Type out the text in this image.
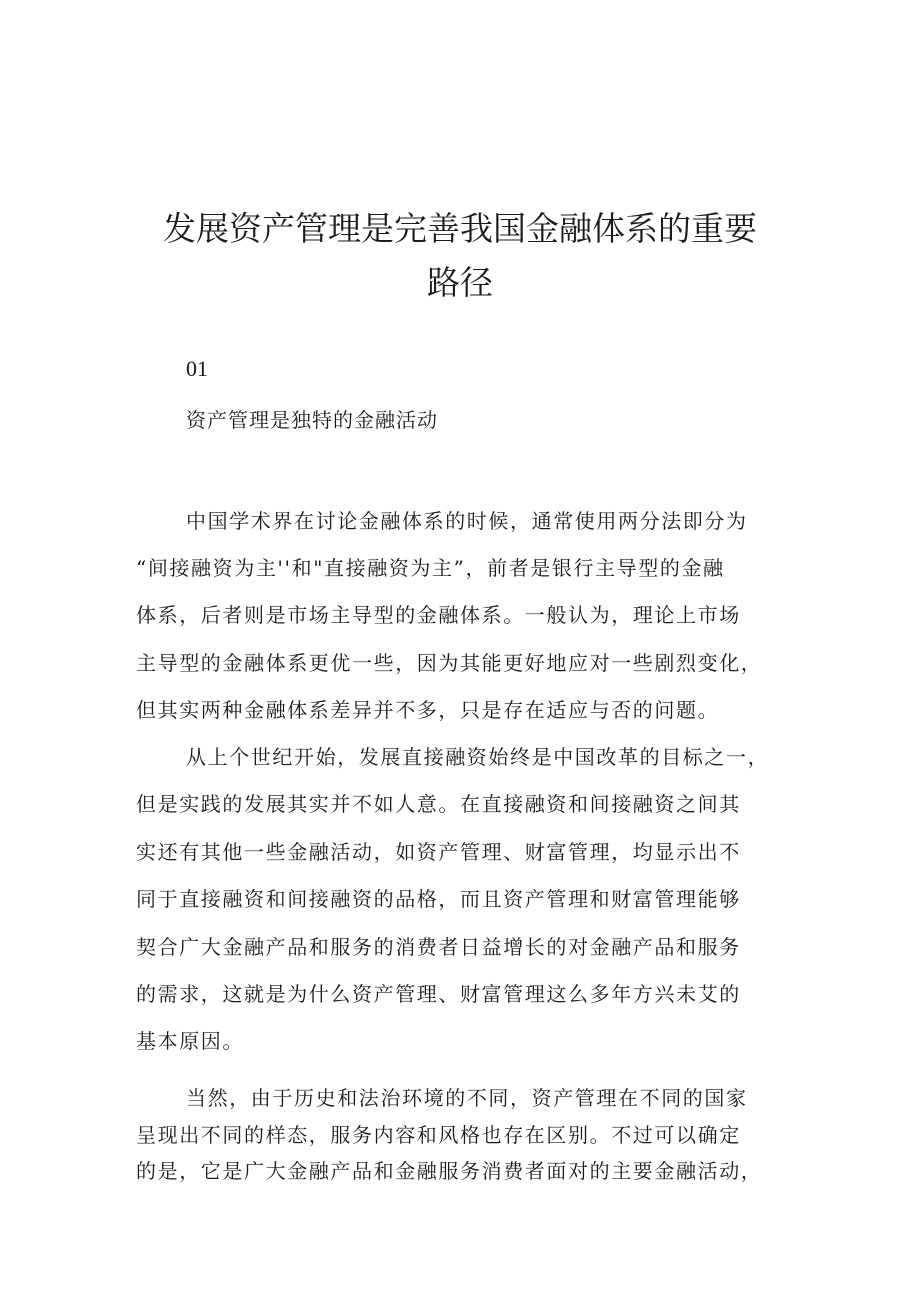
发展资产管理是完善我国金融体系的重要
路径
01
资产管理是独特的金融活动

中国学术界在讨论金融体系的时候，通常使用两分法即分为
“间接融资为主''和"直接融资为主”，前者是银行主导型的金融
体系，后者则是市场主导型的金融体系。一般认为，理论上市场
主导型的金融体系更优一些，因为其能更好地应对一些剧烈变化，
但其实两种金融体系差异并不多，只是存在适应与否的问题。

从上个世纪开始，发展直接融资始终是中国改革的目标之一，
但是实践的发展其实并不如人意。在直接融资和间接融资之间其
实还有其他一些金融活动，如资产管理、财富管理，均显示出不
同于直接融资和间接融资的品格，而且资产管理和财富管理能够
契合广大金融产品和服务的消费者日益增长的对金融产品和服务
的需求，这就是为什么资产管理、财富管理这么多年方兴未艾的
基本原因。

当然，由于历史和法治环境的不同，资产管理在不同的国家
呈现出不同的样态，服务内容和风格也存在区别。不过可以确定
的是，它是广大金融产品和金融服务消费者面对的主要金融活动，
